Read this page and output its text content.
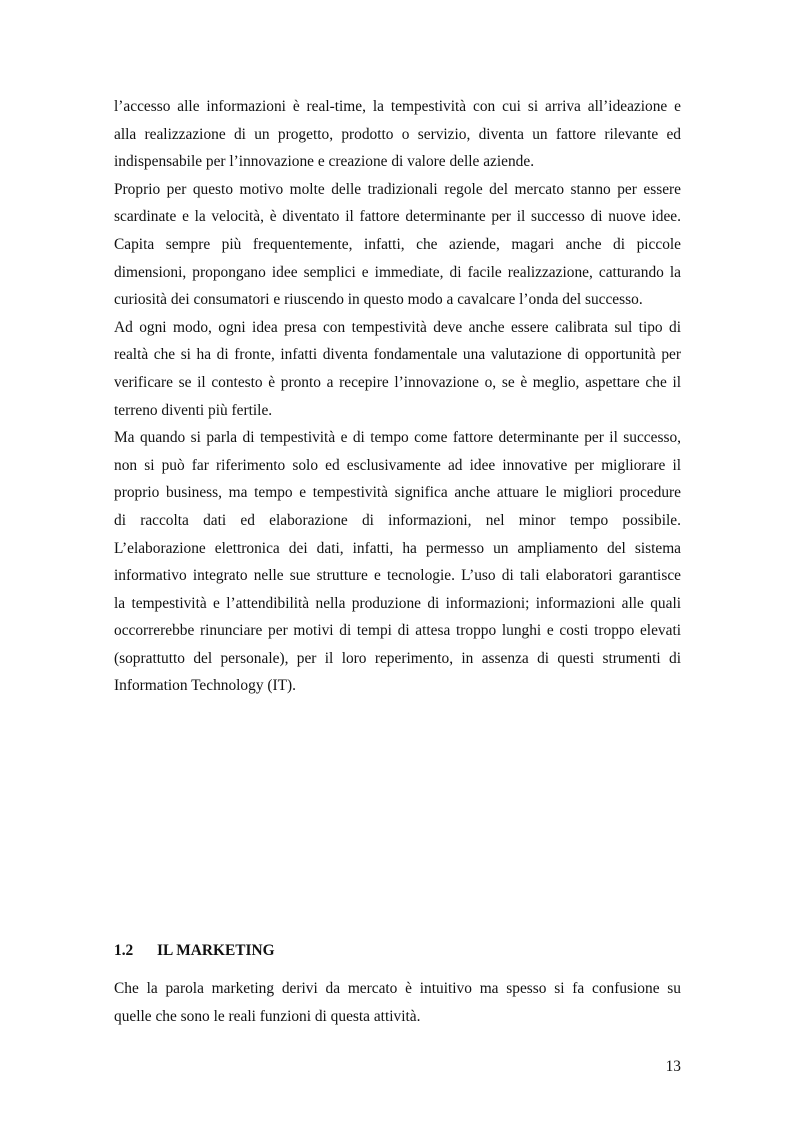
l’accesso alle informazioni è real-time, la tempestività con cui si arriva all’ideazione e
alla realizzazione di un progetto, prodotto o servizio, diventa un fattore rilevante ed
indispensabile per l’innovazione e creazione di valore delle aziende.
Proprio per questo motivo molte delle tradizionali regole del mercato stanno per essere
scardinate e la velocità, è diventato il fattore determinante per il successo di nuove idee.
Capita sempre più frequentemente, infatti, che aziende, magari anche di piccole
dimensioni, propongano idee semplici e immediate, di facile realizzazione, catturando la
curiosità dei consumatori e riuscendo in questo modo a cavalcare l’onda del successo.
Ad ogni modo, ogni idea presa con tempestività deve anche essere calibrata sul tipo di
realtà che si ha di fronte, infatti diventa fondamentale una valutazione di opportunità per
verificare se il contesto è pronto a recepire l’innovazione o, se è meglio, aspettare che il
terreno diventi più fertile.
Ma quando si parla di tempestività e di tempo come fattore determinante per il successo,
non si può far riferimento solo ed esclusivamente ad idee innovative per migliorare il
proprio business, ma tempo e tempestività significa anche attuare le migliori procedure
di raccolta dati ed elaborazione di informazioni, nel minor tempo possibile.
L’elaborazione elettronica dei dati, infatti, ha permesso un ampliamento del sistema
informativo integrato nelle sue strutture e tecnologie. L’uso di tali elaboratori garantisce
la tempestività e l’attendibilità nella produzione di informazioni; informazioni alle quali
occorrerebbe rinunciare per motivi di tempi di attesa troppo lunghi e costi troppo elevati
(soprattutto del personale), per il loro reperimento, in assenza di questi strumenti di
Information Technology (IT).
1.2 IL MARKETING
Che la parola marketing derivi da mercato è intuitivo ma spesso si fa confusione su
quelle che sono le reali funzioni di questa attività.
13
